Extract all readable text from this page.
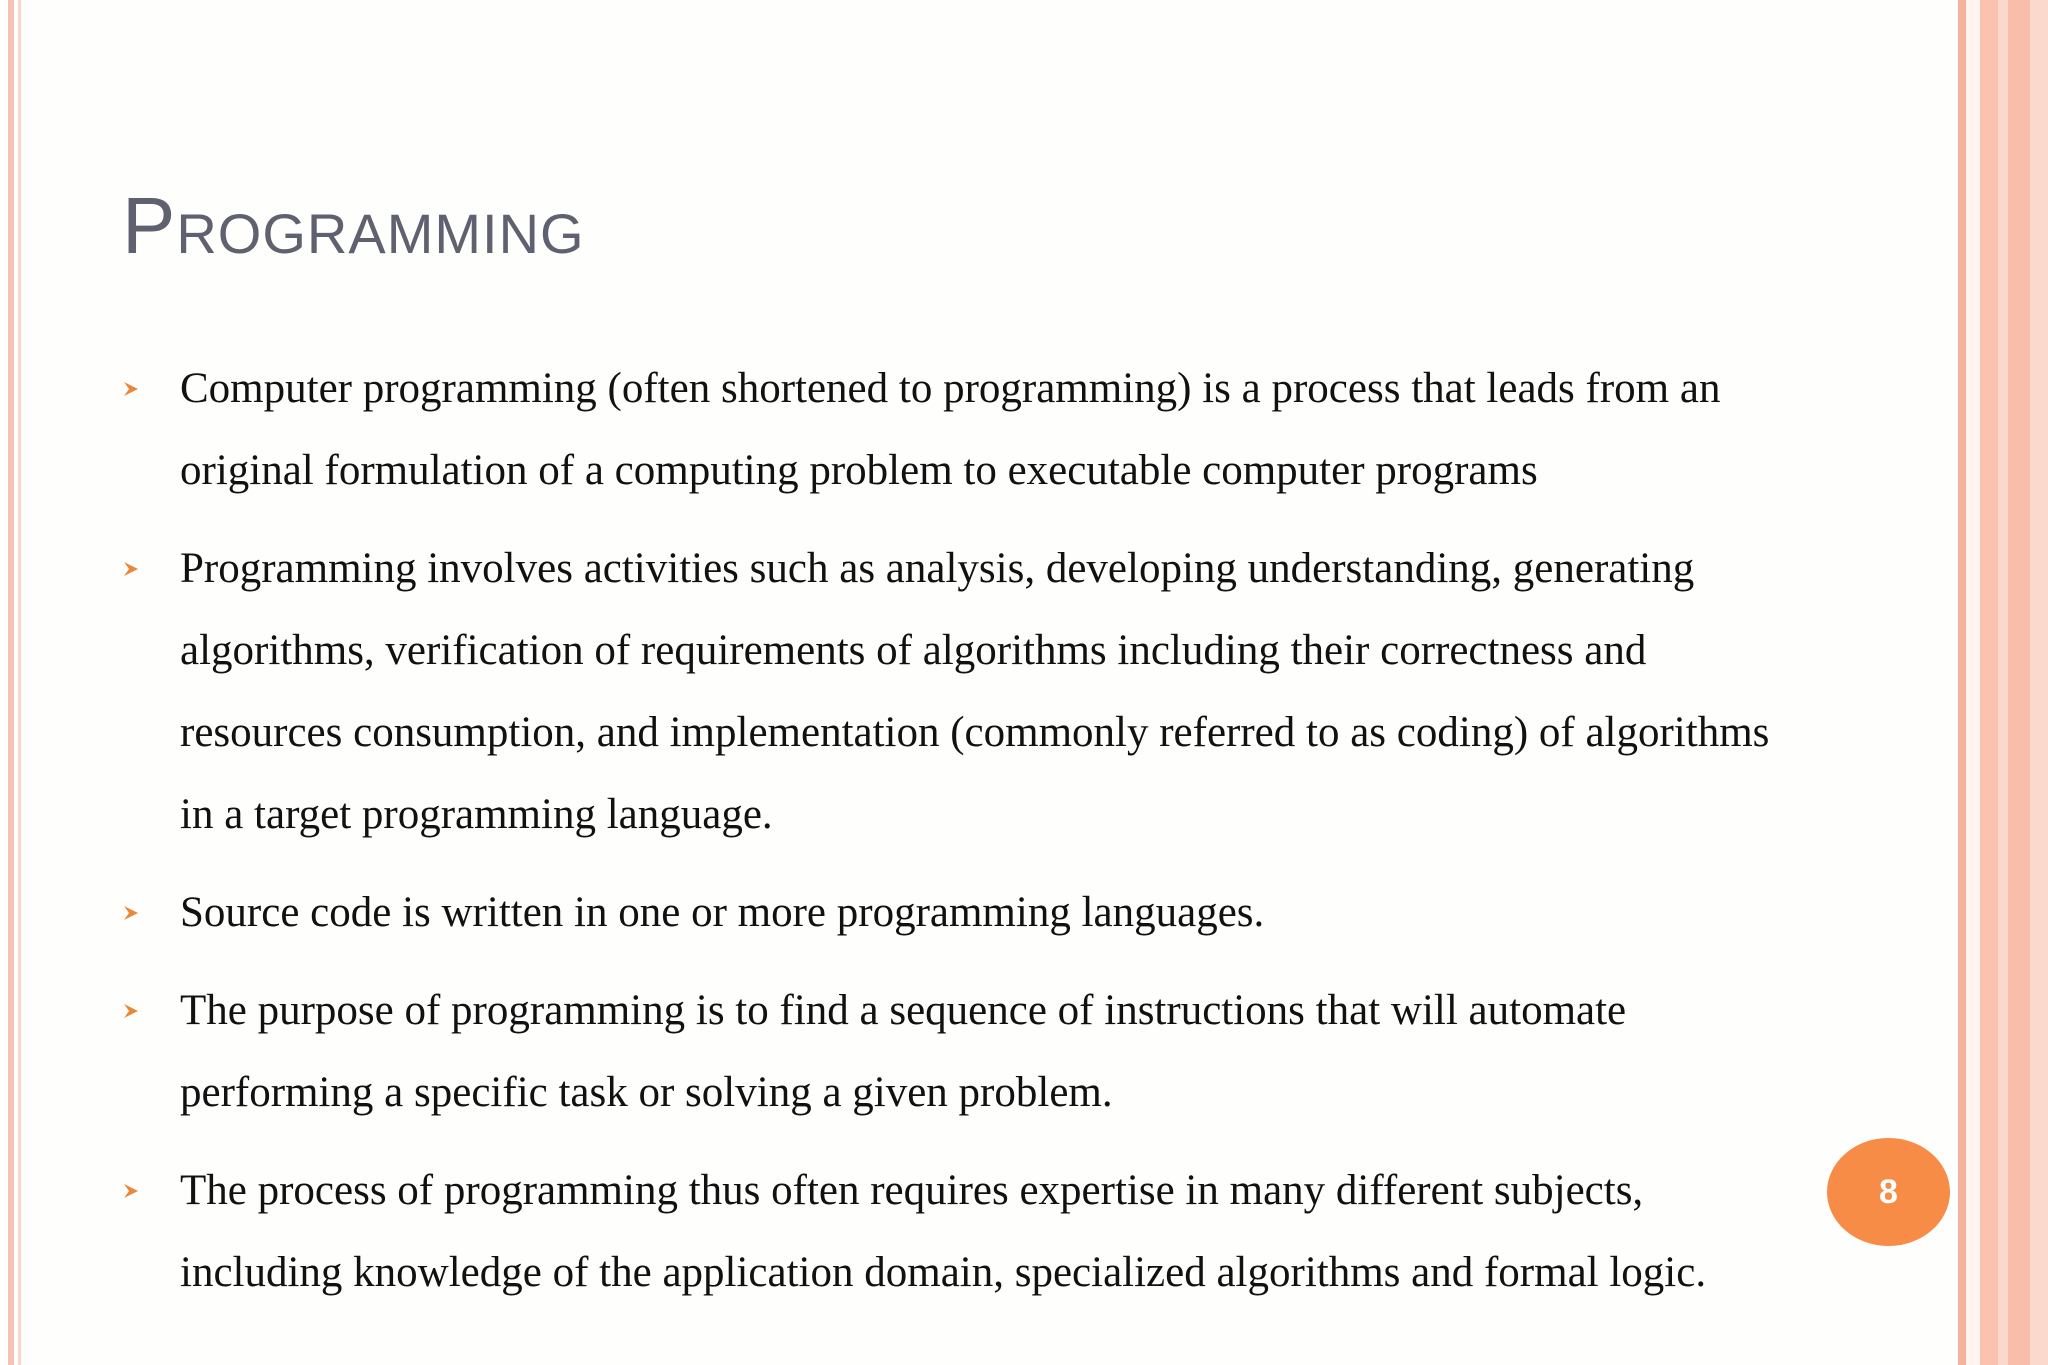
Programming
Computer programming (often shortened to programming) is a process that leads from an original formulation of a computing problem to executable computer programs
Programming involves activities such as analysis, developing understanding, generating algorithms, verification of requirements of algorithms including their correctness and resources consumption, and implementation (commonly referred to as coding) of algorithms in a target programming language.
Source code is written in one or more programming languages.
The purpose of programming is to find a sequence of instructions that will automate performing a specific task or solving a given problem.
The process of programming thus often requires expertise in many different subjects, including knowledge of the application domain, specialized algorithms and formal logic.
8
